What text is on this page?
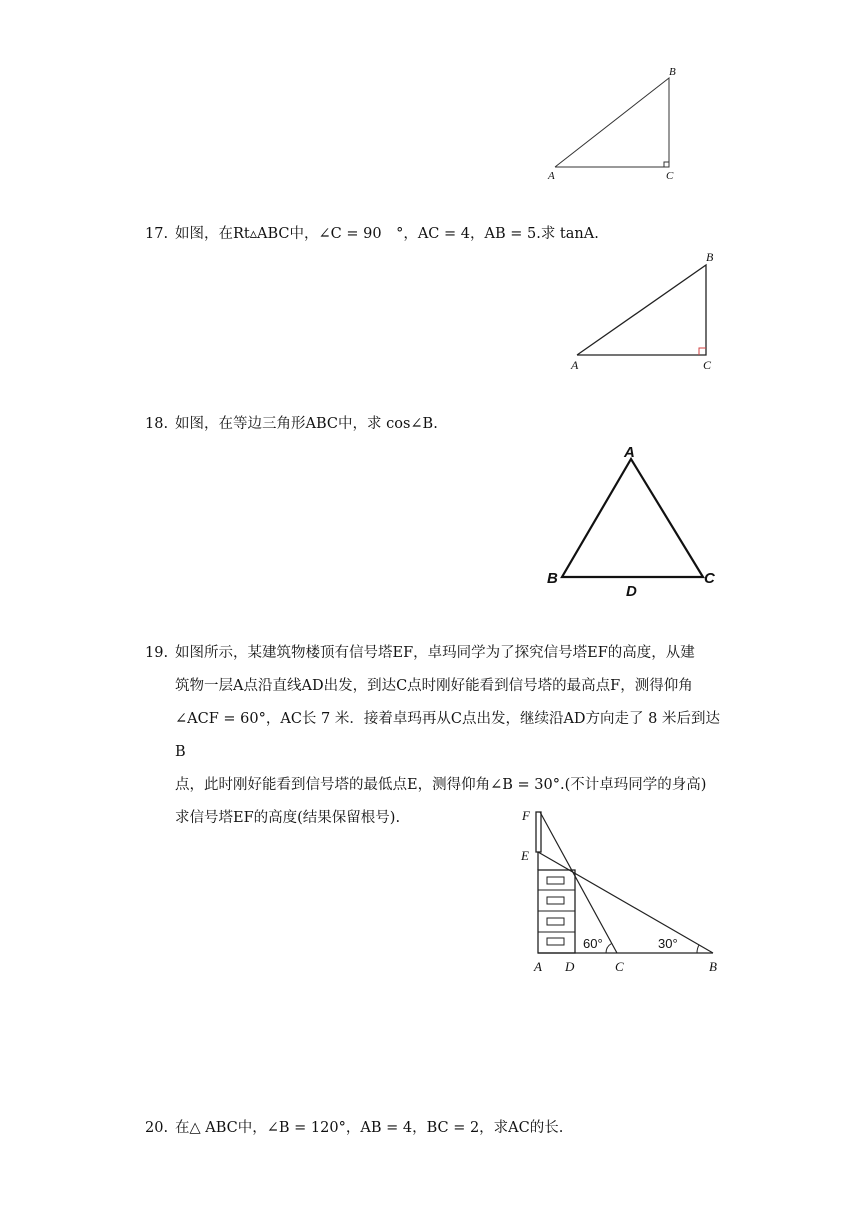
B
A	C
17. 如图，在Rt▵ABC中，∠C = 90　°，AC = 4，AB = 5.求 tanA.
B
A	C
18. 如图，在等边三角形ABC中，求 cos∠B.
A
B	C
D
19. 如图所示，某建筑物楼顶有信号塔EF，卓玛同学为了探究信号塔EF的高度，从建
筑物一层A点沿直线AD出发，到达C点时刚好能看到信号塔的最高点F，测得仰角
∠ACF = 60°，AC长 7 米．接着卓玛再从C点出发，继续沿AD方向走了 8 米后到达B
点，此时刚好能看到信号塔的最低点E，测得仰角∠B = 30°.(不计卓玛同学的身高)
求信号塔EF的高度(结果保留根号).	F
E
A D	C	B
60°	30°
20. 在△ ABC中，∠B = 120°，AB = 4，BC = 2，求AC的长.
